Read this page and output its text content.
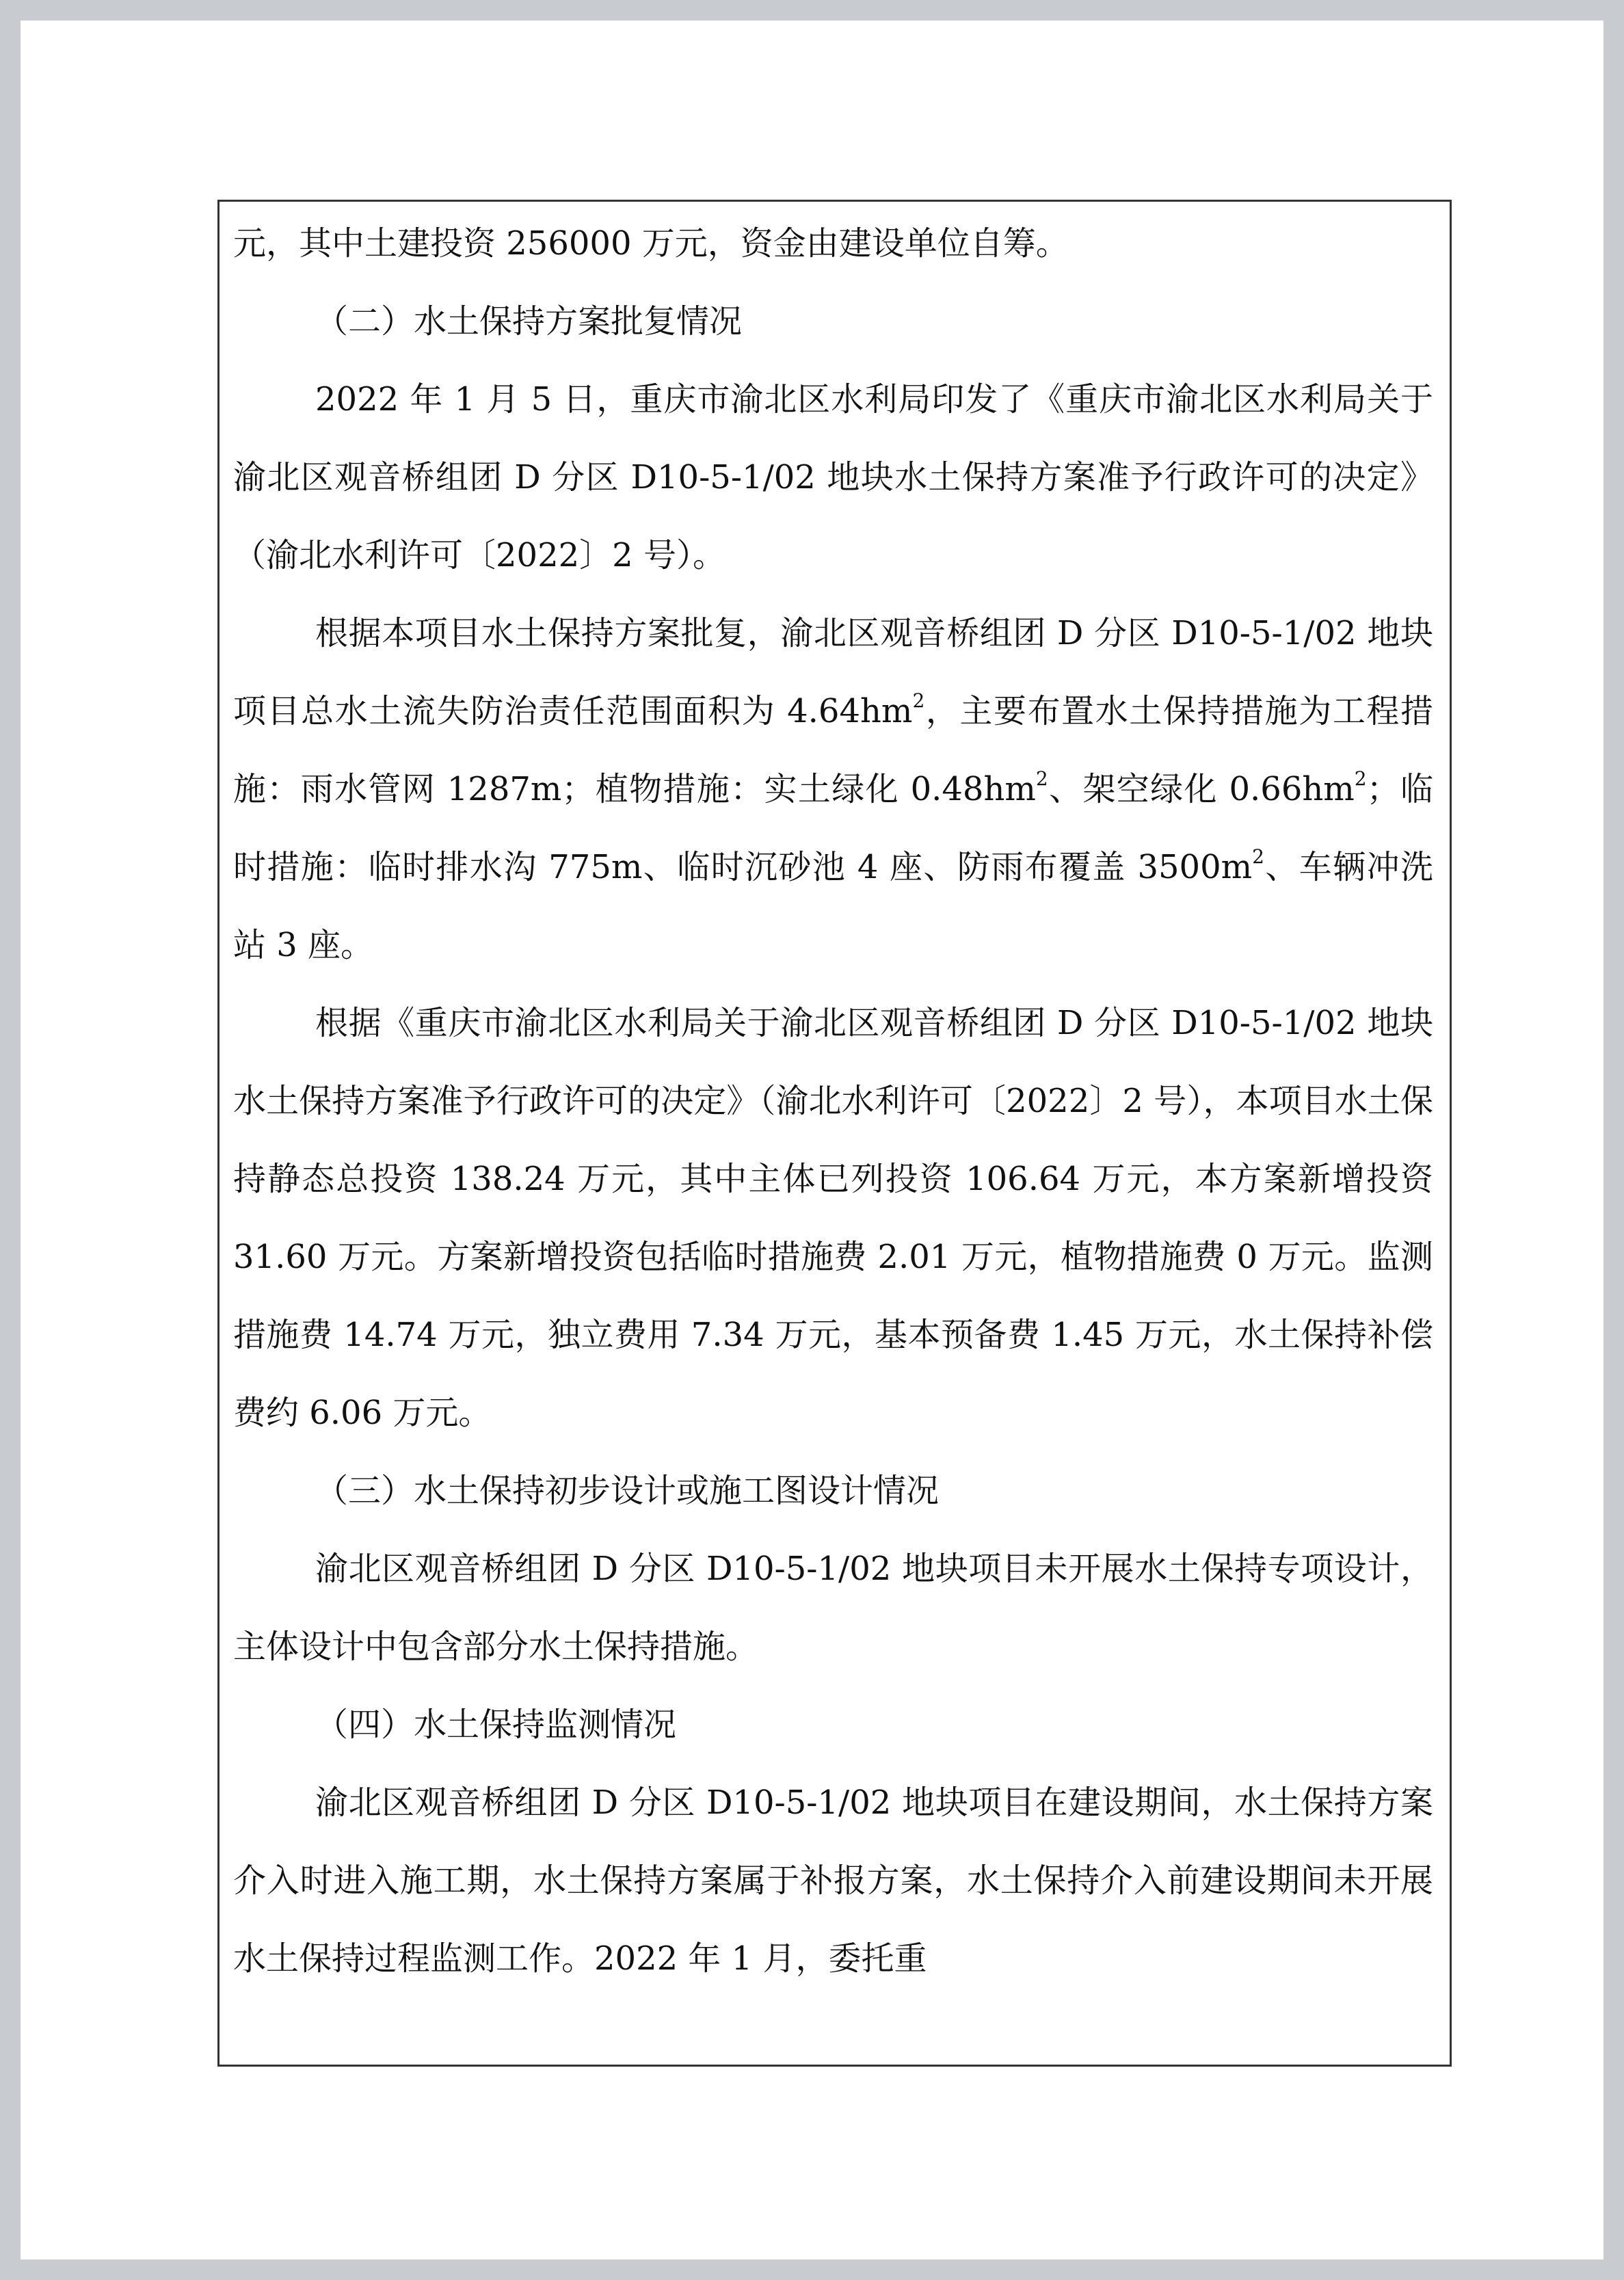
元，其中土建投资 256000 万元，资金由建设单位自筹。

（二）水土保持方案批复情况

2022 年 1 月 5 日，重庆市渝北区水利局印发了《重庆市渝北区水利局关于渝北区观音桥组团 D 分区 D10-5-1/02 地块水土保持方案准予行政许可的决定》（渝北水利许可〔2022〕2 号）。

根据本项目水土保持方案批复，渝北区观音桥组团 D 分区 D10-5-1/02 地块项目总水土流失防治责任范围面积为 $4.64hm^2$，主要布置水土保持措施为工程措施：雨水管网 1287m；植物措施：实土绿化 $0.48hm^2$、架空绿化 $0.66hm^2$；临时措施：临时排水沟 775m、临时沉砂池 4 座、防雨布覆盖 $3500m^2$、车辆冲洗站 3 座。

根据《重庆市渝北区水利局关于渝北区观音桥组团 D 分区 D10-5-1/02 地块水土保持方案准予行政许可的决定》（渝北水利许可〔2022〕2 号），本项目水土保持静态总投资 138.24 万元，其中主体已列投资 106.64 万元，本方案新增投资 31.60 万元。方案新增投资包括临时措施费 2.01 万元，植物措施费 0 万元。监测措施费 14.74 万元，独立费用 7.34 万元，基本预备费 1.45 万元，水土保持补偿费约 6.06 万元。

（三）水土保持初步设计或施工图设计情况

渝北区观音桥组团 D 分区 D10-5-1/02 地块项目未开展水土保持专项设计，主体设计中包含部分水土保持措施。

（四）水土保持监测情况

渝北区观音桥组团 D 分区 D10-5-1/02 地块项目在建设期间，水土保持方案介入时进入施工期，水土保持方案属于补报方案，水土保持介入前建设期间未开展水土保持过程监测工作。2022 年 1 月，委托重
